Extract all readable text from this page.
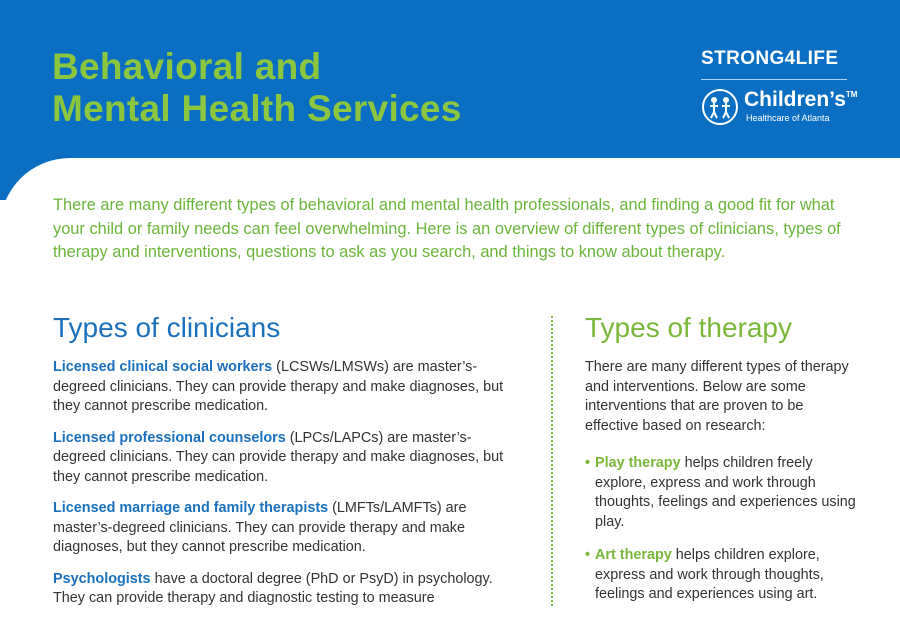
Behavioral and
Mental Health Services
STRONG4LIFE
Children’s™
Healthcare of Atlanta
There are many different types of behavioral and mental health professionals, and finding a good fit for what your child or family needs can feel overwhelming. Here is an overview of different types of clinicians, types of therapy and interventions, questions to ask as you search, and things to know about therapy.
Types of clinicians

Licensed clinical social workers (LCSWs/LMSWs) are master’s-degreed clinicians. They can provide therapy and make diagnoses, but they cannot prescribe medication.

Licensed professional counselors (LPCs/LAPCs) are master’s-degreed clinicians. They can provide therapy and make diagnoses, but they cannot prescribe medication.

Licensed marriage and family therapists (LMFTs/LAMFTs) are master’s-degreed clinicians. They can provide therapy and make diagnoses, but they cannot prescribe medication.

Psychologists have a doctoral degree (PhD or PsyD) in psychology. They can provide therapy and diagnostic testing to measure

Types of therapy

There are many different types of therapy and interventions. Below are some interventions that are proven to be effective based on research:

• Play therapy helps children freely explore, express and work through thoughts, feelings and experiences using play.
• Art therapy helps children explore, express and work through thoughts, feelings and experiences using art.
